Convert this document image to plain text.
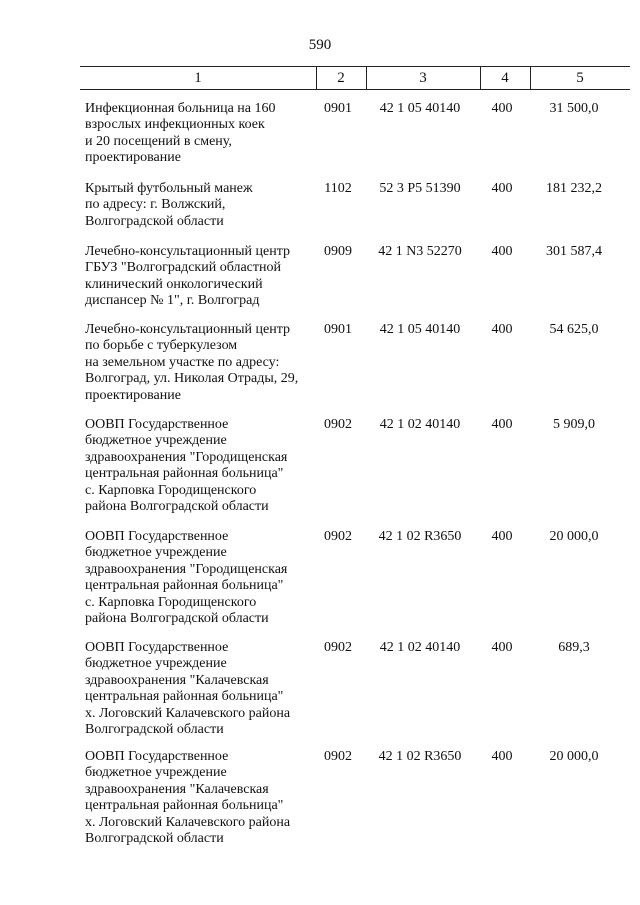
590
1	2	3	4	5
Инфекционная больница на 160
взрослых инфекционных коек
и 20 посещений в смену,
проектирование
0901	42 1 05 40140	400	31 500,0
Крытый футбольный манеж
по адресу: г. Волжский,
Волгоградской области
1102	52 3 P5 51390	400	181 232,2
Лечебно-консультационный центр
ГБУЗ "Волгоградский областной
клинический онкологический
диспансер № 1", г. Волгоград
0909	42 1 N3 52270	400	301 587,4
Лечебно-консультационный центр
по борьбе с туберкулезом
на земельном участке по адресу:
Волгоград, ул. Николая Отрады, 29,
проектирование
0901	42 1 05 40140	400	54 625,0
ООВП Государственное
бюджетное учреждение
здравоохранения "Городищенская
центральная районная больница"
с. Карповка Городищенского
района Волгоградской области
0902	42 1 02 40140	400	5 909,0
ООВП Государственное
бюджетное учреждение
здравоохранения "Городищенская
центральная районная больница"
с. Карповка Городищенского
района Волгоградской области
0902	42 1 02 R3650	400	20 000,0
ООВП Государственное
бюджетное учреждение
здравоохранения "Калачевская
центральная районная больница"
х. Логовский Калачевского района
Волгоградской области
0902	42 1 02 40140	400	689,3
ООВП Государственное
бюджетное учреждение
здравоохранения "Калачевская
центральная районная больница"
х. Логовский Калачевского района
Волгоградской области
0902	42 1 02 R3650	400	20 000,0
